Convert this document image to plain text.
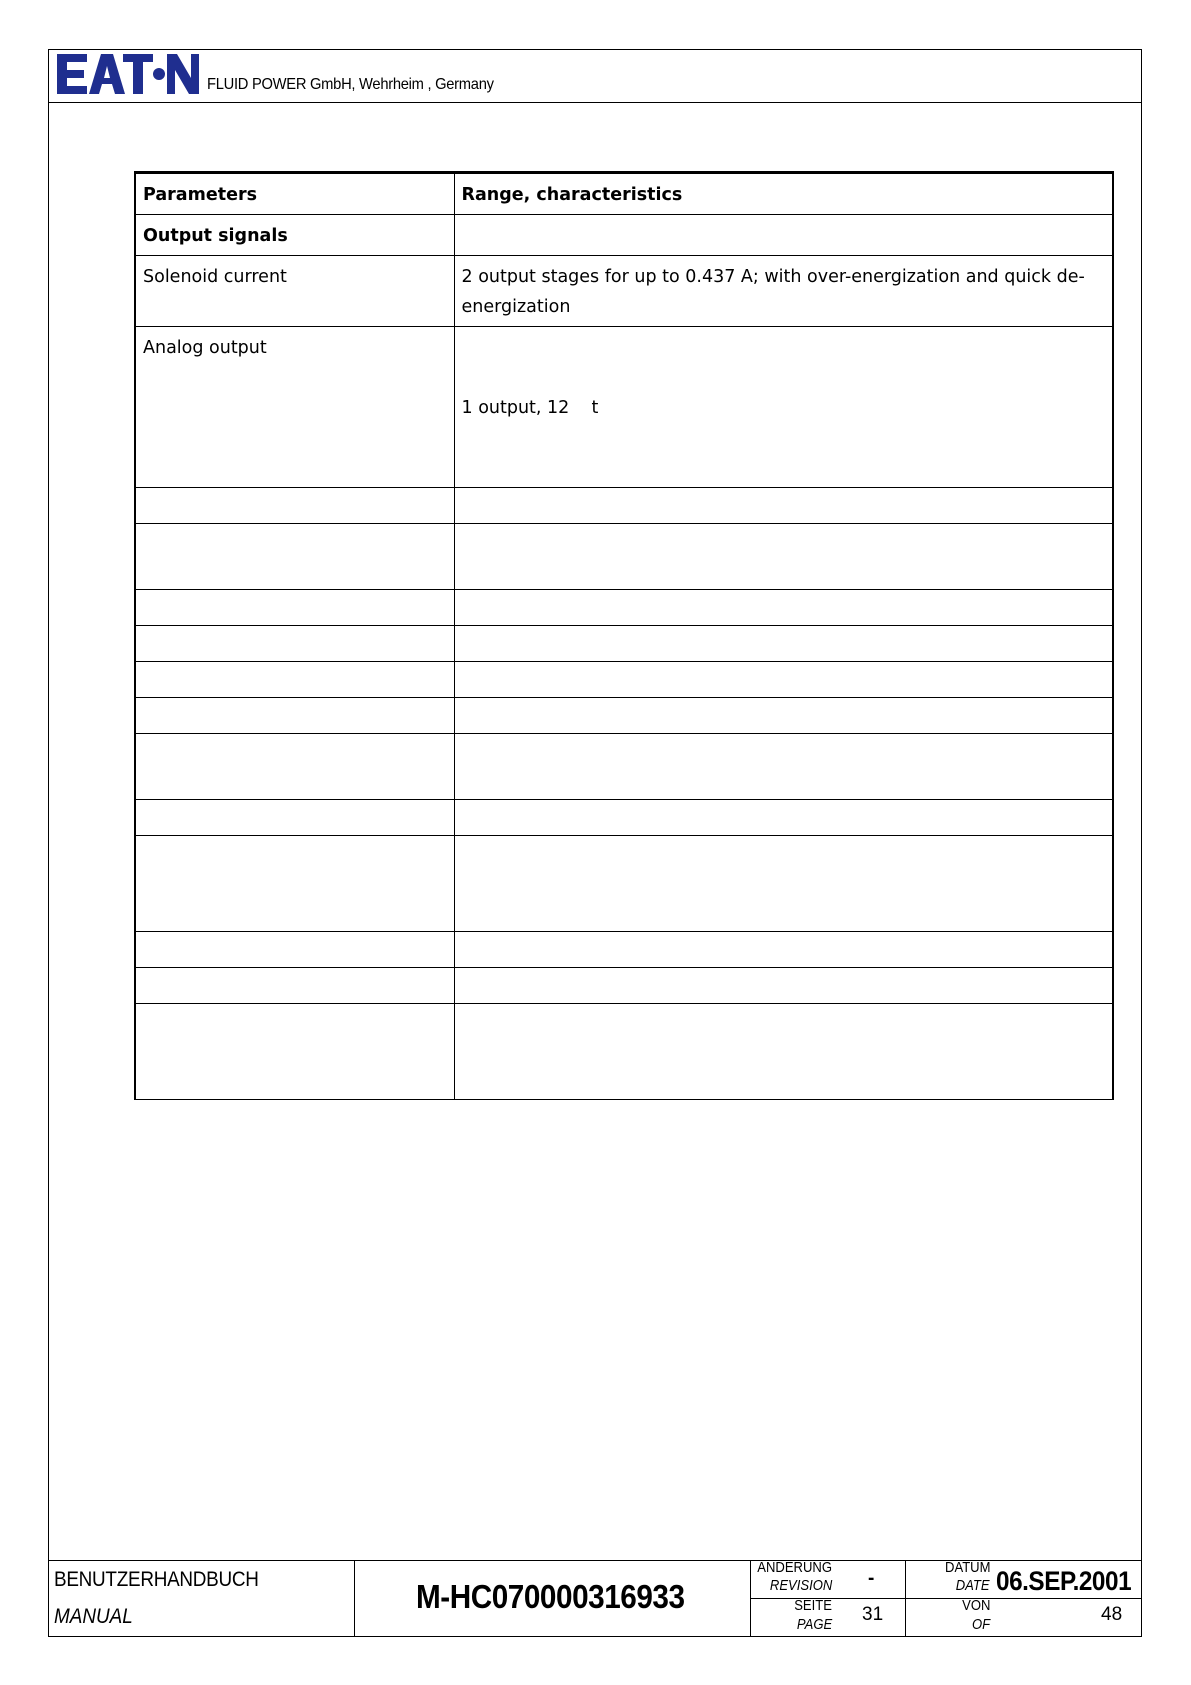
FLUID POWER GmbH, Wehrheim , Germany
Parameters	Range, characteristics
Output signals	
Solenoid current	2 output stages for up to 0.437 A; with over-energization and quick de-
energization

Analog output	1 output, 12    t

BENUTZERHANDBUCH
MANUAL
M-HC070000316933
ANDERUNG
REVISION -
SEITE
PAGE 31
DATUM
DATE 06.SEP.2001
VON
OF	48
